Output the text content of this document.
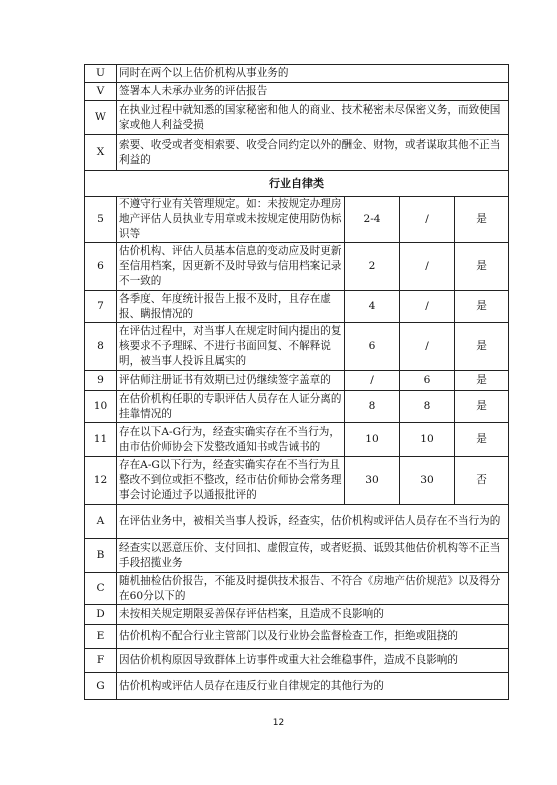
U	同时在两个以上估价机构从事业务的			
V	签署本人未承办业务的评估报告			
W	在执业过程中就知悉的国家秘密和他人的商业、技术秘密未尽保密义务，而致使国家或他人利益受损			
X	索要、收受或者变相索要、收受合同约定以外的酬金、财物，或者谋取其他不正当利益的			
行业自律类				
5	不遵守行业有关管理规定。如：未按规定办理房地产评估人员执业专用章或未按规定使用防伪标识等	2-4	/	是
6	估价机构、评估人员基本信息的变动应及时更新至信用档案，因更新不及时导致与信用档案记录不一致的	2	/	是
7	各季度、年度统计报告上报不及时，且存在虚报、瞒报情况的	4	/	是
8	在评估过程中，对当事人在规定时间内提出的复核要求不予理睬、不进行书面回复、不解释说明，被当事人投诉且属实的	6	/	是
9	评估师注册证书有效期已过仍继续签字盖章的	/	6	是
10	在估价机构任职的专职评估人员存在人证分离的挂靠情况的	8	8	是
11	存在以下A-G行为，经查实确实存在不当行为，由市估价师协会下发整改通知书或告诫书的	10	10	是
12	存在A-G以下行为，经查实确实存在不当行为且整改不到位或拒不整改，经市估价师协会常务理事会讨论通过予以通报批评的	30	30	否
A	在评估业务中，被相关当事人投诉，经查实，估价机构或评估人员存在不当行为的			
B	经查实以恶意压价、支付回扣、虚假宣传，或者贬损、诋毁其他估价机构等不正当手段招揽业务			
C	随机抽检估价报告，不能及时提供技术报告、不符合《房地产估价规范》以及得分在60分以下的			
D	未按相关规定期限妥善保存评估档案，且造成不良影响的			
E	估价机构不配合行业主管部门以及行业协会监督检查工作，拒绝或阻挠的			
F	因估价机构原因导致群体上访事件或重大社会维稳事件，造成不良影响的			
G	估价机构或评估人员存在违反行业自律规定的其他行为的			
12
